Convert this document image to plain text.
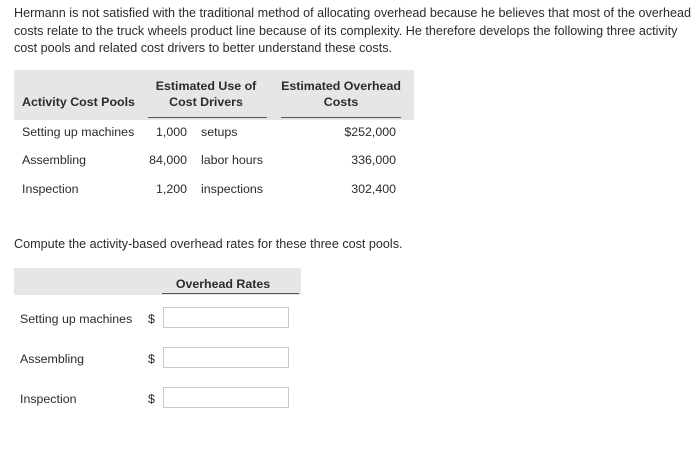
Hermann is not satisfied with the traditional method of allocating overhead because he believes that most of the overhead costs relate to the truck wheels product line because of its complexity. He therefore develops the following three activity cost pools and related cost drivers to better understand these costs.

Activity Cost Pools
Estimated Use of
Cost Drivers
Estimated Overhead
Costs
Setting up machines	1,000 setups	$252,000
Assembling	84,000 labor hours	336,000
Inspection	1,200 inspections	302,400

Compute the activity-based overhead rates for these three cost pools.

Overhead Rates
Setting up machines $
Assembling	$
Inspection	$
